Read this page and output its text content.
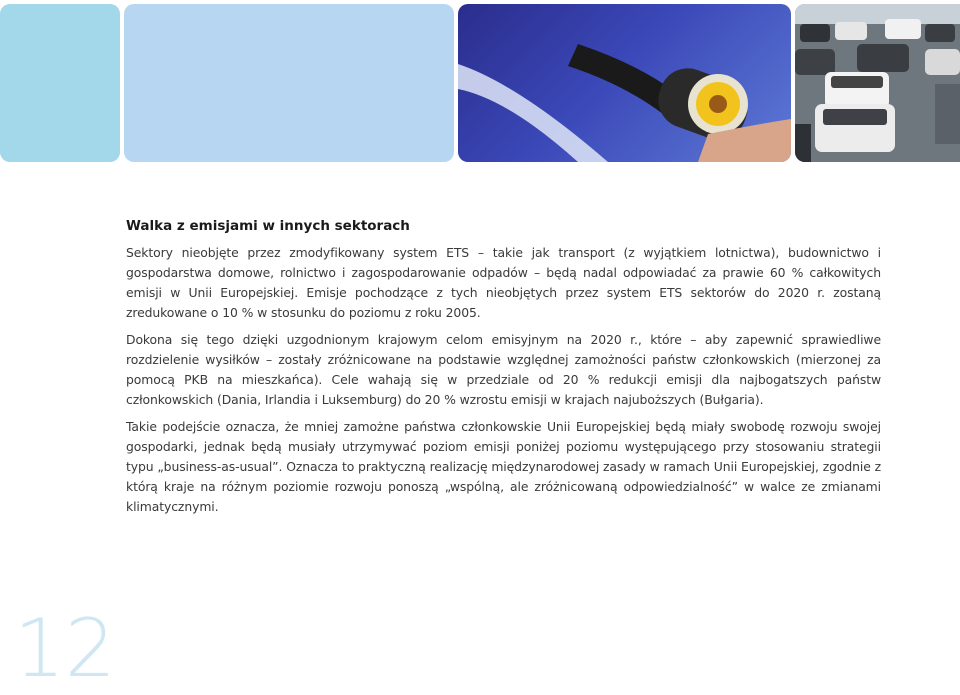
Walka z emisjami w innych sektorach

Sektory nieobjęte przez zmodyfikowany system ETS – takie jak transport (z wyjątkiem lotnictwa), budownictwo i gospodarstwa domowe, rolnictwo i zagospodarowanie odpadów – będą nadal odpowiadać za prawie 60 % całkowitych emisji w Unii Europejskiej. Emisje pochodzące z tych nieobjętych przez system ETS sektorów do 2020 r. zostaną zredukowane o 10 % w stosunku do poziomu z roku 2005.

Dokona się tego dzięki uzgodnionym krajowym celom emisyjnym na 2020 r., które – aby zapewnić sprawiedliwe rozdzielenie wysiłków – zostały zróżnicowane na podstawie względnej zamożności państw członkowskich (mierzonej za pomocą PKB na mieszkańca). Cele wahają się w przedziale od 20 % redukcji emisji dla najbogatszych państw członkowskich (Dania, Irlandia i Luksemburg) do 20 % wzrostu emisji w krajach najuboższych (Bułgaria).

Takie podejście oznacza, że mniej zamożne państwa członkowskie Unii Europejskiej będą miały swobodę rozwoju swojej gospodarki, jednak będą musiały utrzymywać poziom emisji poniżej poziomu występującego przy stosowaniu strategii typu „business-as-usual”. Oznacza to praktyczną realizację międzynarodowej zasady w ramach Unii Europejskiej, zgodnie z którą kraje na różnym poziomie rozwoju ponoszą „wspólną, ale zróżnicowaną odpowiedzialność” w walce ze zmianami klimatycznymi.

12
